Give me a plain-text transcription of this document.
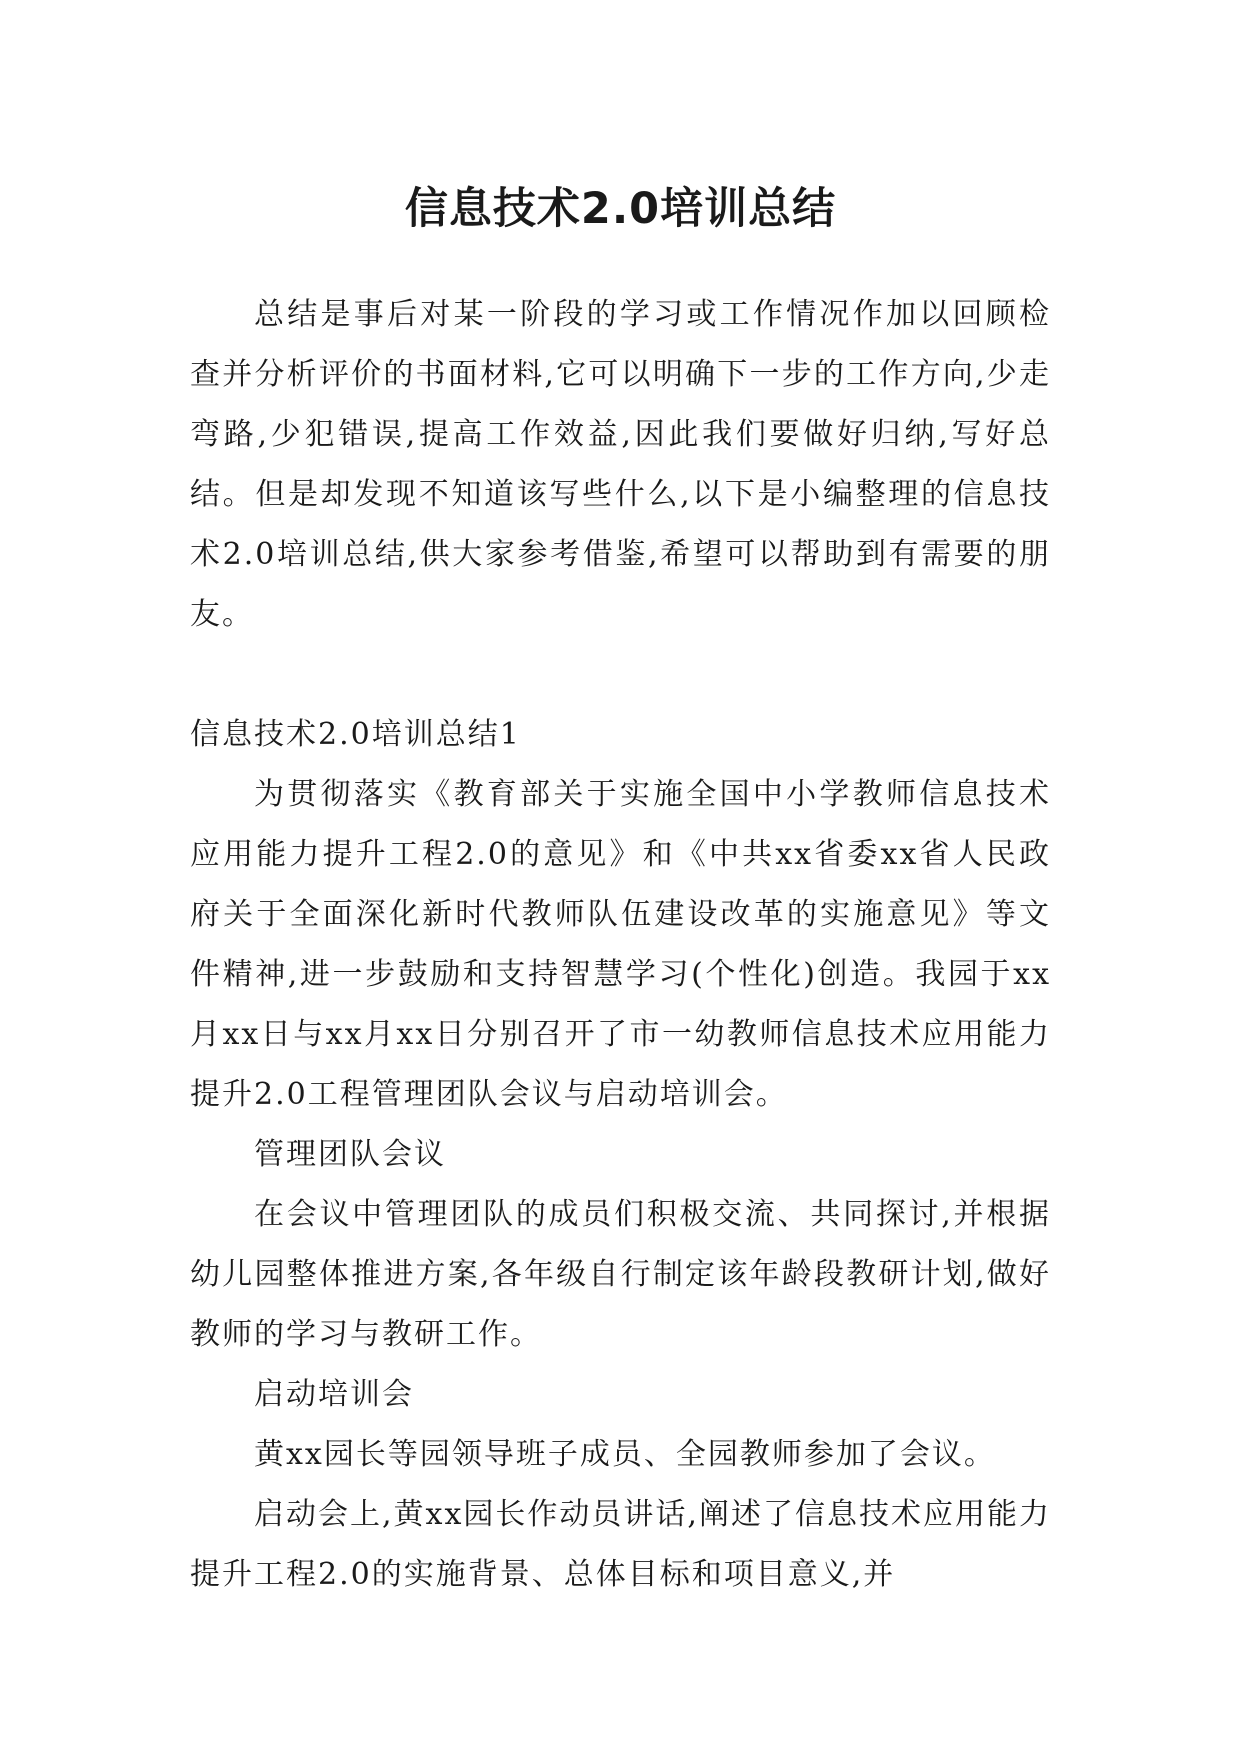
信息技术2.0培训总结

总结是事后对某一阶段的学习或工作情况作加以回顾检查并分析评价的书面材料,它可以明确下一步的工作方向,少走弯路,少犯错误,提高工作效益,因此我们要做好归纳,写好总结。但是却发现不知道该写些什么,以下是小编整理的信息技术2.0培训总结,供大家参考借鉴,希望可以帮助到有需要的朋友。

信息技术2.0培训总结1

为贯彻落实《教育部关于实施全国中小学教师信息技术应用能力提升工程2.0的意见》和《中共xx省委xx省人民政府关于全面深化新时代教师队伍建设改革的实施意见》等文件精神,进一步鼓励和支持智慧学习(个性化)创造。我园于xx月xx日与xx月xx日分别召开了市一幼教师信息技术应用能力提升2.0工程管理团队会议与启动培训会。

管理团队会议

在会议中管理团队的成员们积极交流、共同探讨,并根据幼儿园整体推进方案,各年级自行制定该年龄段教研计划,做好教师的学习与教研工作。

启动培训会

黄xx园长等园领导班子成员、全园教师参加了会议。

启动会上,黄xx园长作动员讲话,阐述了信息技术应用能力提升工程2.0的实施背景、总体目标和项目意义,并
